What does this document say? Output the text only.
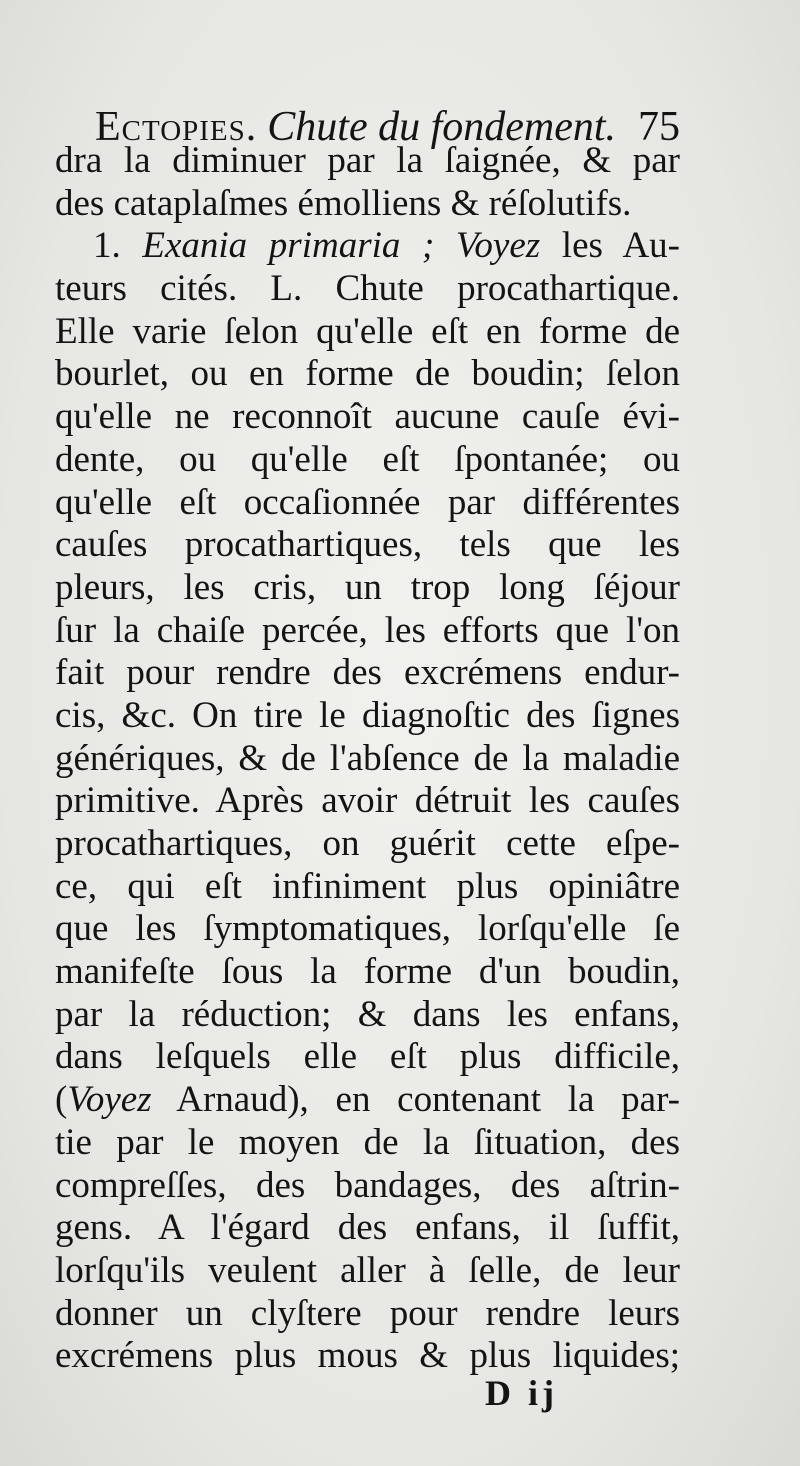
Ectopies. Chute du fondement. 75
dra la diminuer par la ſaignée, & par
des cataplaſmes émolliens & réſolutifs.
1. Exania primaria ; Voyez les Au-
teurs cités. L. Chute procathartique.
Elle varie ſelon qu'elle eſt en forme de
bourlet, ou en forme de boudin; ſelon
qu'elle ne reconnoît aucune cauſe évi-
dente, ou qu'elle eſt ſpontanée; ou
qu'elle eſt occaſionnée par différentes
cauſes procathartiques, tels que les
pleurs, les cris, un trop long ſéjour
ſur la chaiſe percée, les efforts que l'on
fait pour rendre des excrémens endur-
cis, &c. On tire le diagnoſtic des ſignes
génériques, & de l'abſence de la maladie
primitive. Après avoir détruit les cauſes
procathartiques, on guérit cette eſpe-
ce, qui eſt infiniment plus opiniâtre
que les ſymptomatiques, lorſqu'elle ſe
manifeſte ſous la forme d'un boudin,
par la réduction; & dans les enfans,
dans leſquels elle eſt plus difficile,
(Voyez Arnaud), en contenant la par-
tie par le moyen de la ſituation, des
compreſſes, des bandages, des aſtrin-
gens. A l'égard des enfans, il ſuffit,
lorſqu'ils veulent aller à ſelle, de leur
donner un clyſtere pour rendre leurs
excrémens plus mous & plus liquides;
D ij
